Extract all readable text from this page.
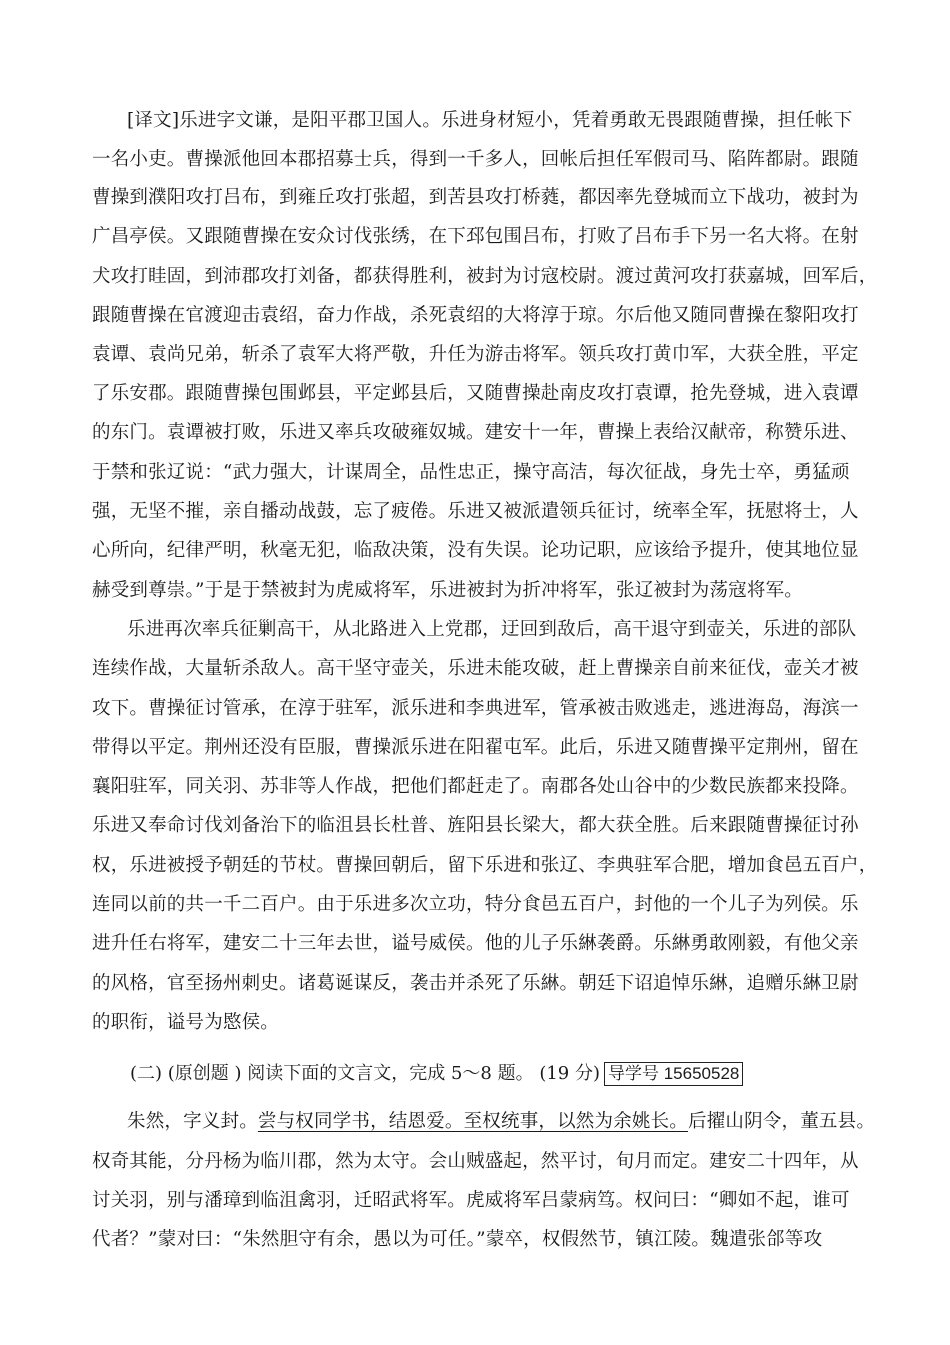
[译文]乐进字文谦，是阳平郡卫国人。乐进身材短小，凭着勇敢无畏跟随曹操，担任帐下
一名小吏。曹操派他回本郡招募士兵，得到一千多人，回帐后担任军假司马、陷阵都尉。跟随
曹操到濮阳攻打吕布，到雍丘攻打张超，到苦县攻打桥蕤，都因率先登城而立下战功，被封为
广昌亭侯。又跟随曹操在安众讨伐张绣，在下邳包围吕布，打败了吕布手下另一名大将。在射
犬攻打眭固，到沛郡攻打刘备，都获得胜利，被封为讨寇校尉。渡过黄河攻打获嘉城，回军后，
跟随曹操在官渡迎击袁绍，奋力作战，杀死袁绍的大将淳于琼。尔后他又随同曹操在黎阳攻打
袁谭、袁尚兄弟，斩杀了袁军大将严敬，升任为游击将军。领兵攻打黄巾军，大获全胜，平定
了乐安郡。跟随曹操包围邺县，平定邺县后，又随曹操赴南皮攻打袁谭，抢先登城，进入袁谭
的东门。袁谭被打败，乐进又率兵攻破雍奴城。建安十一年，曹操上表给汉献帝，称赞乐进、
于禁和张辽说：“武力强大，计谋周全，品性忠正，操守高洁，每次征战，身先士卒，勇猛顽
强，无坚不摧，亲自播动战鼓，忘了疲倦。乐进又被派遣领兵征讨，统率全军，抚慰将士，人
心所向，纪律严明，秋毫无犯，临敌决策，没有失误。论功记职，应该给予提升，使其地位显
赫受到尊崇。”于是于禁被封为虎威将军，乐进被封为折冲将军，张辽被封为荡寇将军。
乐进再次率兵征剿高干，从北路进入上党郡，迂回到敌后，高干退守到壶关，乐进的部队
连续作战，大量斩杀敌人。高干坚守壶关，乐进未能攻破，赶上曹操亲自前来征伐，壶关才被
攻下。曹操征讨管承，在淳于驻军，派乐进和李典进军，管承被击败逃走，逃进海岛，海滨一
带得以平定。荆州还没有臣服，曹操派乐进在阳翟屯军。此后，乐进又随曹操平定荆州，留在
襄阳驻军，同关羽、苏非等人作战，把他们都赶走了。南郡各处山谷中的少数民族都来投降。
乐进又奉命讨伐刘备治下的临沮县长杜普、旌阳县长梁大，都大获全胜。后来跟随曹操征讨孙
权，乐进被授予朝廷的节杖。曹操回朝后，留下乐进和张辽、李典驻军合肥，增加食邑五百户，
连同以前的共一千二百户。由于乐进多次立功，特分食邑五百户，封他的一个儿子为列侯。乐
进升任右将军，建安二十三年去世，谥号威侯。他的儿子乐綝袭爵。乐綝勇敢刚毅，有他父亲
的风格，官至扬州刺史。诸葛诞谋反，袭击并杀死了乐綝。朝廷下诏追悼乐綝，追赠乐綝卫尉
的职衔，谥号为愍侯。
(二) (原创题 ) 阅读下面的文言文，完成 5～8 题。 (19 分) 导学号 15650528
朱然，字义封。尝与权同学书，结恩爱。至权统事，以然为余姚长。后擢山阴令，董五县。
权奇其能，分丹杨为临川郡，然为太守。会山贼盛起，然平讨，旬月而定。建安二十四年，从
讨关羽，别与潘璋到临沮禽羽，迁昭武将军。虎威将军吕蒙病笃。权问曰：“卿如不起，谁可
代者？”蒙对曰：“朱然胆守有余，愚以为可任。”蒙卒，权假然节，镇江陵。魏遣张郃等攻
